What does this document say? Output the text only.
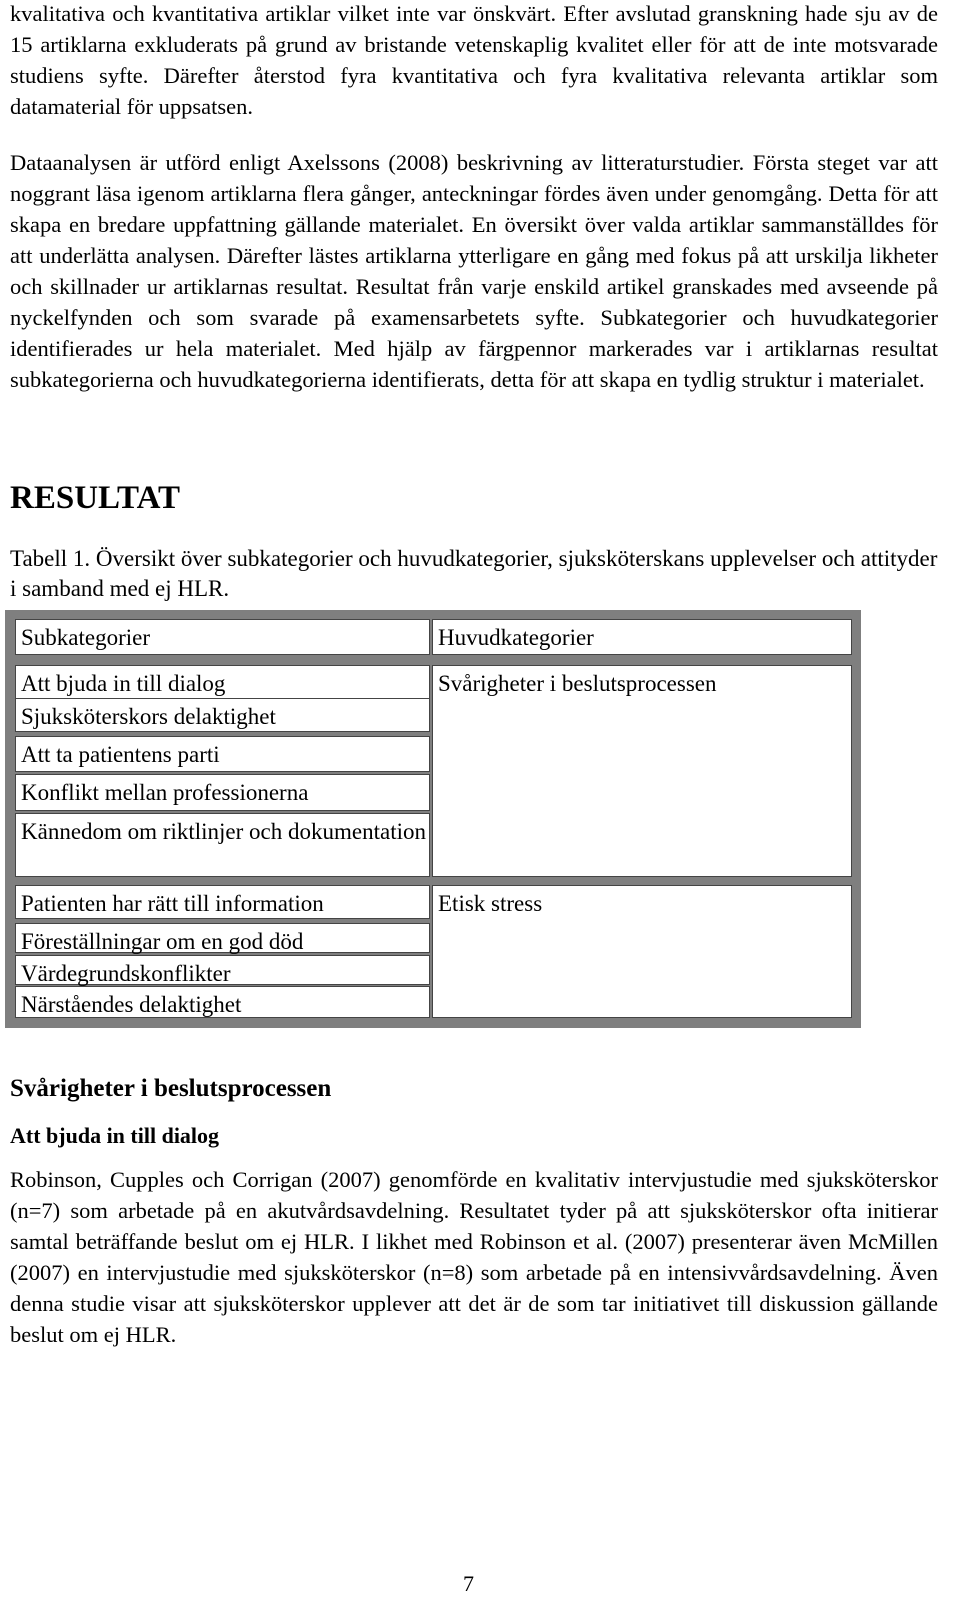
kvalitativa och kvantitativa artiklar vilket inte var önskvärt. Efter avslutad granskning hade sju av de 15 artiklarna exkluderats på grund av bristande vetenskaplig kvalitet eller för att de inte motsvarade studiens syfte. Därefter återstod fyra kvantitativa och fyra kvalitativa relevanta artiklar som datamaterial för uppsatsen.

Dataanalysen är utförd enligt Axelssons (2008) beskrivning av litteraturstudier. Första steget var att noggrant läsa igenom artiklarna flera gånger, anteckningar fördes även under genomgång. Detta för att skapa en bredare uppfattning gällande materialet. En översikt över valda artiklar sammanställdes för att underlätta analysen. Därefter lästes artiklarna ytterligare en gång med fokus på att urskilja likheter och skillnader ur artiklarnas resultat. Resultat från varje enskild artikel granskades med avseende på nyckelfynden och som svarade på examensarbetets syfte. Subkategorier och huvudkategorier identifierades ur hela materialet. Med hjälp av färgpennor markerades var i artiklarnas resultat subkategorierna och huvudkategorierna identifierats, detta för att skapa en tydlig struktur i materialet.

RESULTAT

Tabell 1. Översikt över subkategorier och huvudkategorier, sjuksköterskans upplevelser och attityder i samband med ej HLR.

Subkategorier	Huvudkategorier
Att bjuda in till dialog
Sjuksköterskors delaktighet
Att ta patientens parti
Konflikt mellan professionerna
Kännedom om riktlinjer och dokumentation
Svårigheter i beslutsprocessen
Patienten har rätt till information
Föreställningar om en god död
Värdegrundskonflikter
Närståendes delaktighet
Etisk stress
Svårigheter i beslutsprocessen
Att bjuda in till dialog

Robinson, Cupples och Corrigan (2007) genomförde en kvalitativ intervjustudie med sjuksköterskor (n=7) som arbetade på en akutvårdsavdelning. Resultatet tyder på att sjuksköterskor ofta initierar samtal beträffande beslut om ej HLR. I likhet med Robinson et al. (2007) presenterar även McMillen (2007) en intervjustudie med sjuksköterskor (n=8) som arbetade på en intensivvårdsavdelning. Även denna studie visar att sjuksköterskor upplever att det är de som tar initiativet till diskussion gällande beslut om ej HLR.

7
